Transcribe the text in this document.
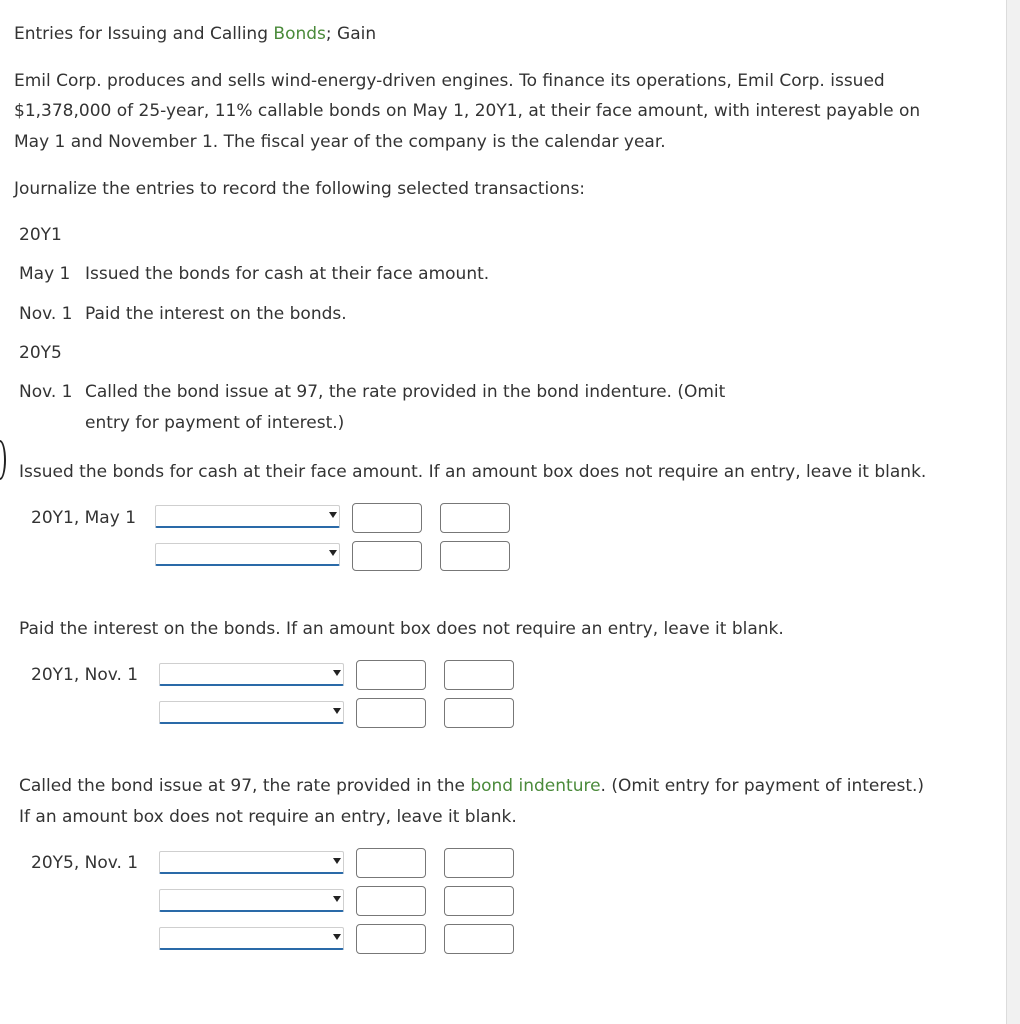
Entries for Issuing and Calling Bonds; Gain
Emil Corp. produces and sells wind-energy-driven engines. To finance its operations, Emil Corp. issued
$1,378,000 of 25-year, 11% callable bonds on May 1, 20Y1, at their face amount, with interest payable on
May 1 and November 1. The fiscal year of the company is the calendar year.
Journalize the entries to record the following selected transactions:
20Y1
May 1 Issued the bonds for cash at their face amount.
Nov. 1 Paid the interest on the bonds.
20Y5
Nov. 1 Called the bond issue at 97, the rate provided in the bond indenture. (Omit
entry for payment of interest.)
Issued the bonds for cash at their face amount. If an amount box does not require an entry, leave it blank.
20Y1, May 1
Paid the interest on the bonds. If an amount box does not require an entry, leave it blank.
20Y1, Nov. 1
Called the bond issue at 97, the rate provided in the bond indenture. (Omit entry for payment of interest.)
If an amount box does not require an entry, leave it blank.
20Y5, Nov. 1
